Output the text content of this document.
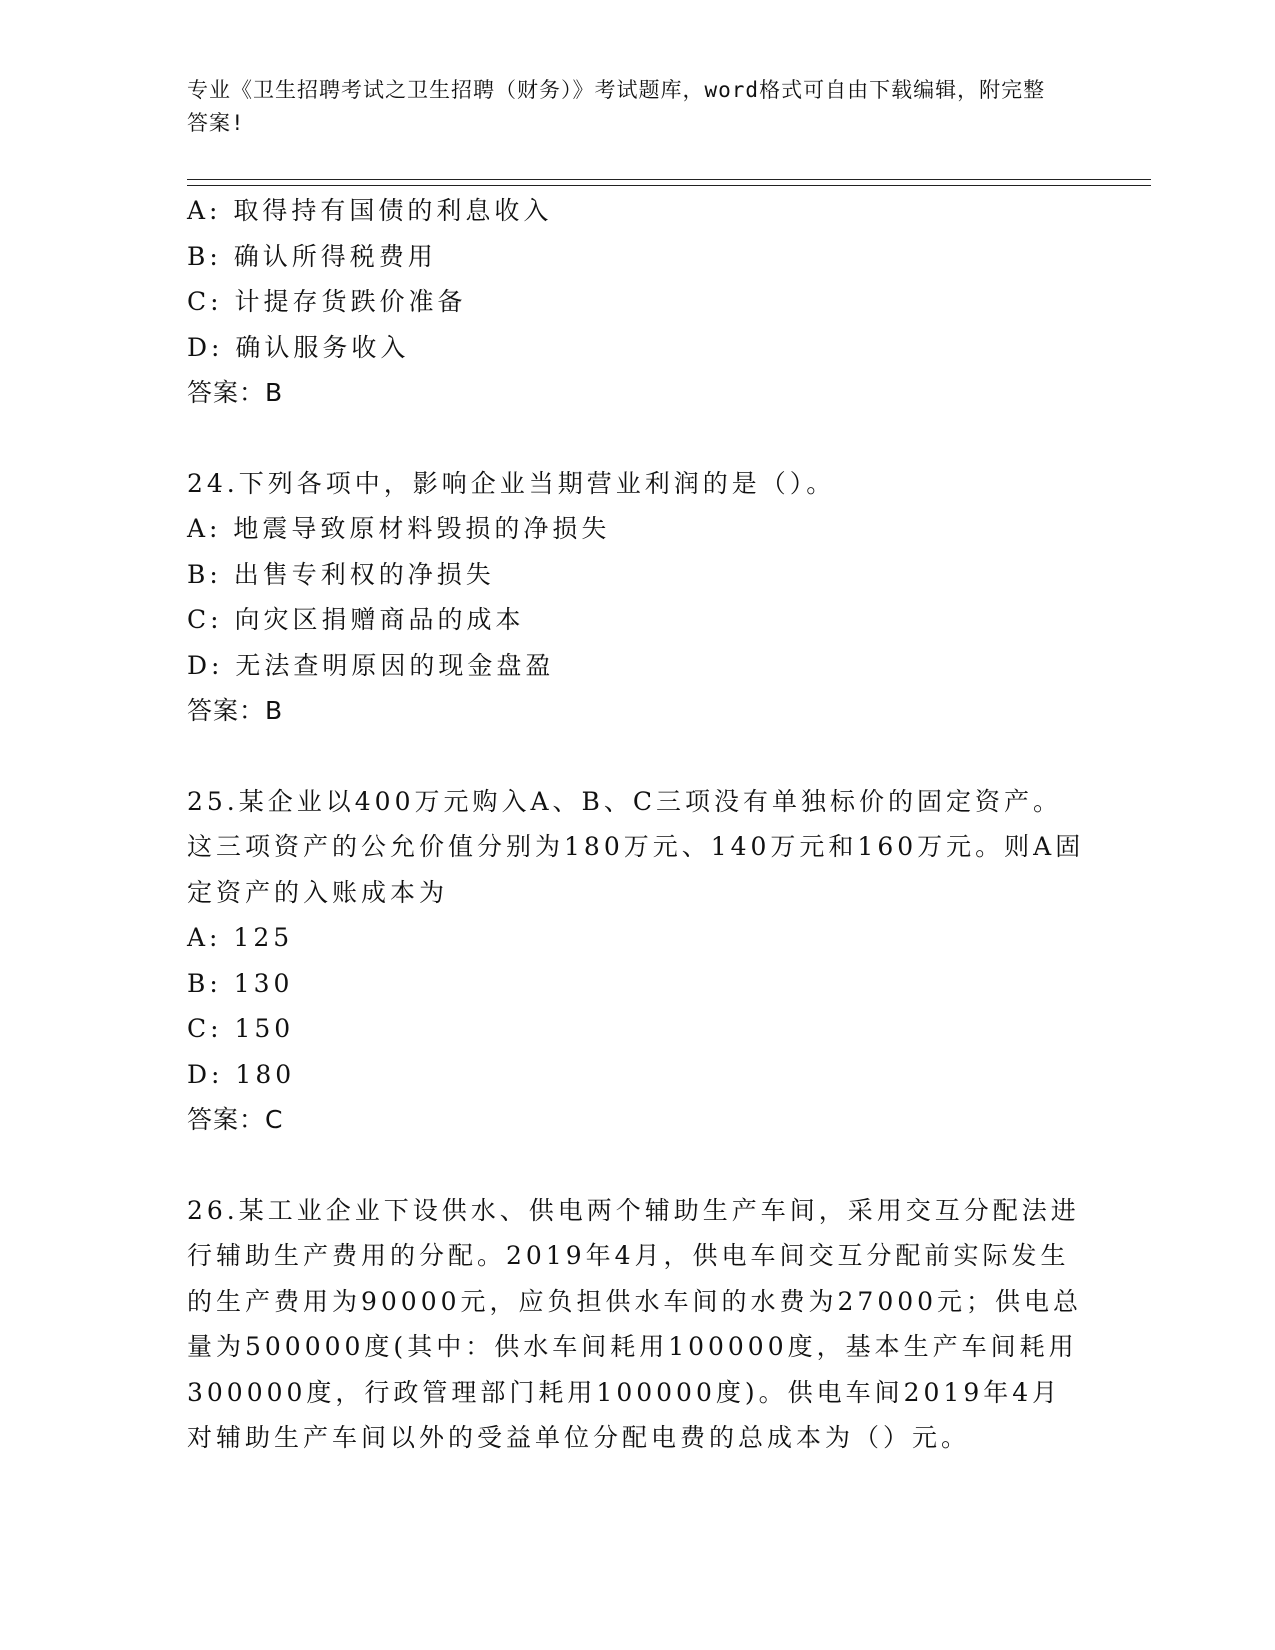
专业《卫生招聘考试之卫生招聘（财务）》考试题库，word格式可自由下载编辑，附完整答案!
A: 取得持有国债的利息收入
B: 确认所得税费用
C: 计提存货跌价准备
D: 确认服务收入
答案：B
24.下列各项中，影响企业当期营业利润的是（）。
A: 地震导致原材料毁损的净损失
B: 出售专利权的净损失
C: 向灾区捐赠商品的成本
D: 无法查明原因的现金盘盈
答案：B
25.某企业以400万元购入A、B、C三项没有单独标价的固定资产。这三项资产的公允价值分别为180万元、140万元和160万元。则A固定资产的入账成本为
A: 125
B: 130
C: 150
D: 180
答案：C
26.某工业企业下设供水、供电两个辅助生产车间，采用交互分配法进行辅助生产费用的分配。2019年4月，供电车间交互分配前实际发生的生产费用为90000元，应负担供水车间的水费为27000元；供电总量为500000度(其中：供水车间耗用100000度，基本生产车间耗用300000度，行政管理部门耗用100000度)。供电车间2019年4月对辅助生产车间以外的受益单位分配电费的总成本为（）元。
